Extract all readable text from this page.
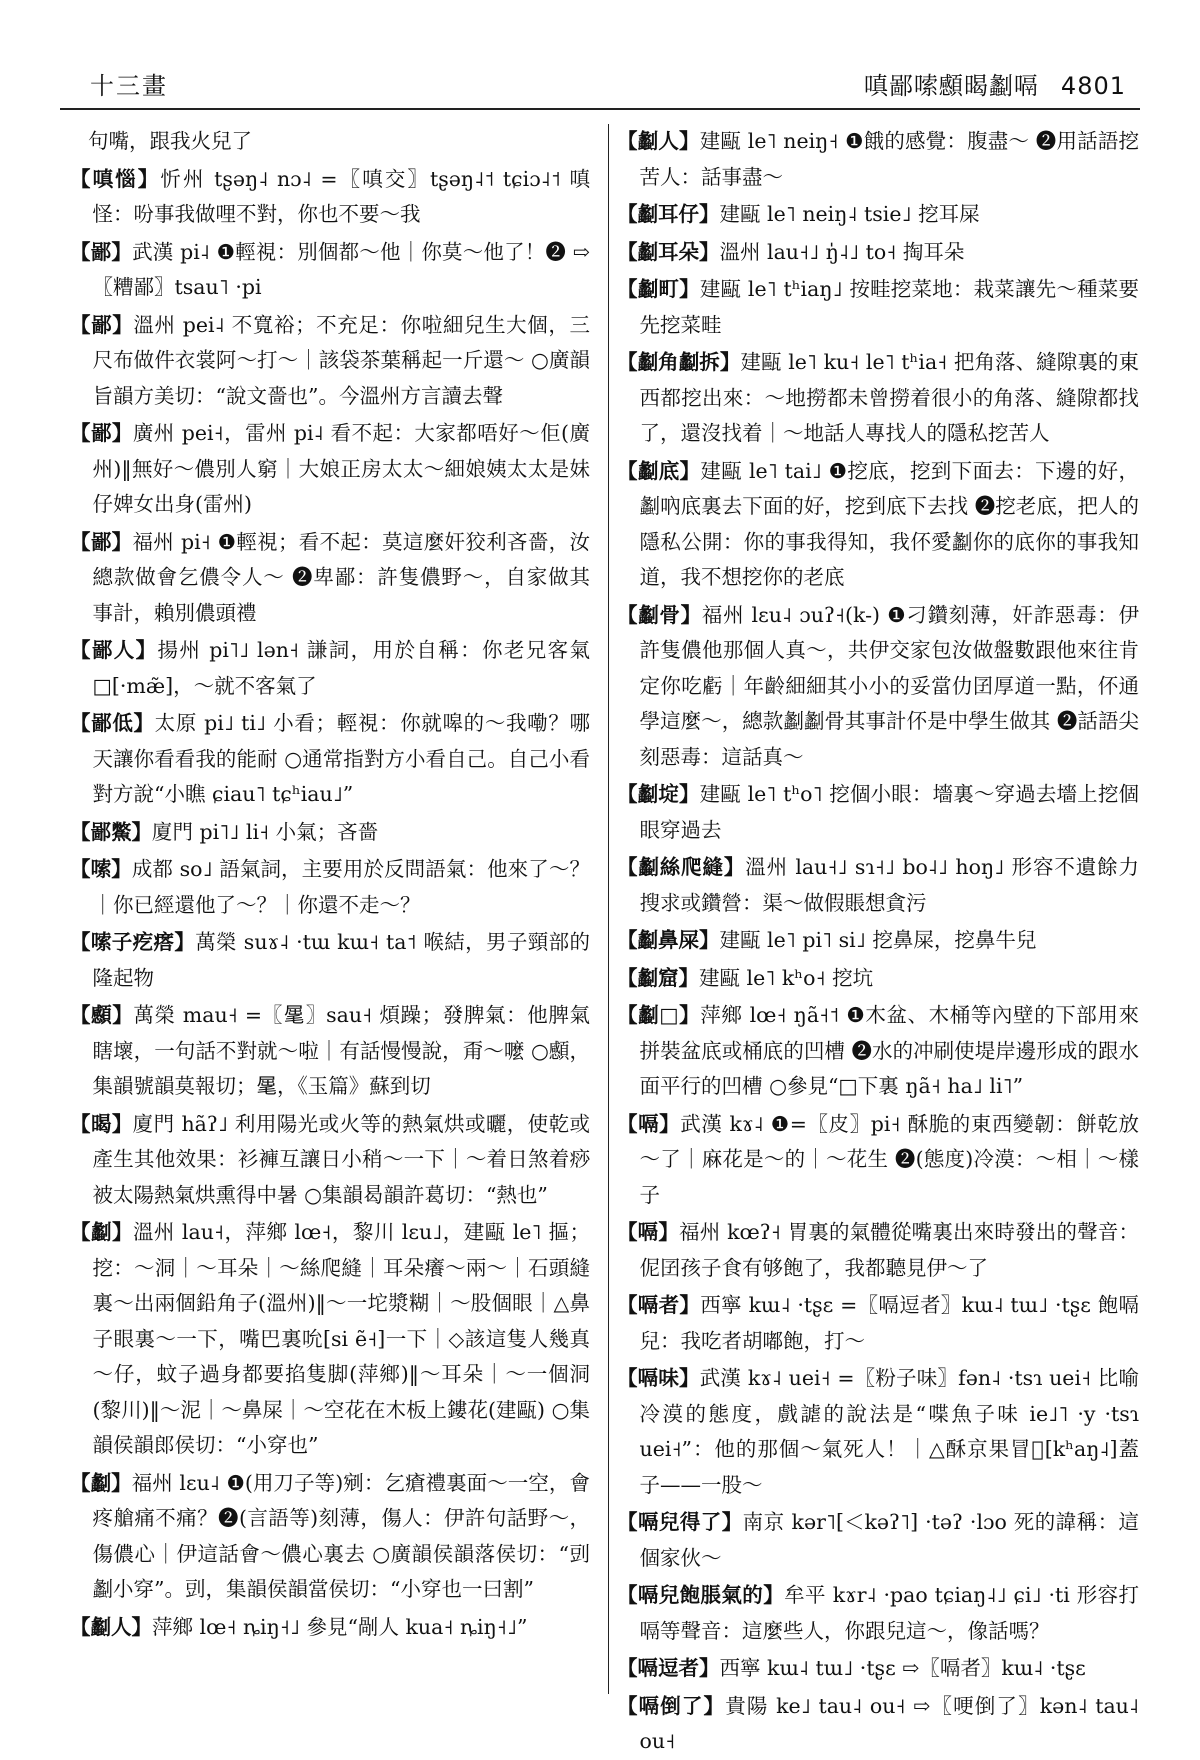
十三畫	嗔鄙嗦䫲暍劙嗝 4801

句嘴，跟我火兒了

【嗔惱】忻州 tʂəŋ˨ nɔ˨ =〖嗔交〗tʂəŋ˨˦ tɕiɔ˨˦ 嗔怪：吩事我做哩不對，你也不要～我

【鄙】武漢 pi˨ ❶輕視：別個都～他｜你莫～他了！❷ ⇨〖糟鄙〗tsau˥ ·pi

【鄙】溫州 pei˨ 不寬裕；不充足：你啦細兒生大個，三尺布做件衣裳阿～打～｜該袋茶葉稱起一斤還～ ○廣韻旨韻方美切：“說文嗇也”。今溫州方言讀去聲

【鄙】廣州 pei˧，雷州 pi˨ 看不起：大家都唔好～佢(廣州)‖無好～儂別人窮｜大娘正房太太～細娘姨太太是妹仔婢女出身(雷州)

【鄙】福州 pi˧ ❶輕視；看不起：莫這麼奸狡利吝嗇，汝總款做會乞儂令人～ ❷卑鄙：許隻儂野～，自家做其事計，賴別儂頭禮

【鄙人】揚州 pi˥˩ lən˧ 謙詞，用於自稱：你老兄客氣□[·mæ̃]，～就不客氣了

【鄙低】太原 pi˩ ti˩ 小看；輕視：你就嗥的～我嘞？哪天讓你看看我的能耐 ○通常指對方小看自己。自己小看對方說“小瞧 ɕiau˥ tɕʰiau˩”

【鄙鱉】廈門 pi˥˩ li˧ 小氣；吝嗇

【嗦】成都 so˩ 語氣詞，主要用於反問語氣：他來了～？｜你已經還他了～？｜你還不走～？

【嗦子疙瘩】萬榮 suɤ˨ ·tɯ kɯ˧ ta˦ 喉結，男子頸部的隆起物

【䫲】萬榮 mau˧ =〖𣮈〗sau˧ 煩躁；發脾氣：他脾氣瞎壞，一句話不對就～啦｜有話慢慢說，甭～嚒 ○䫲，集韻號韻莫報切；𣮈，《玉篇》蘇到切

【暍】廈門 hãʔ˩ 利用陽光或火等的熱氣烘或曬，使乾或產生其他效果：衫褲互讓日小稍～一下｜～着日煞着痧被太陽熱氣烘熏得中暑 ○集韻曷韻許葛切：“熱也”

【劙】溫州 lau˧，萍鄉 lœ˧，黎川 lɛu˩，建甌 le˥ 摳；挖：～洞｜～耳朵｜～絲爬縫｜耳朵癢～兩～｜石頭縫裏～出兩個鉛角子(溫州)‖～一坨漿糊｜～股個眼｜△鼻子眼裏～一下，嘴巴裏吮[si ẽ˧]一下｜◇該這隻人幾真～仔，蚊子過身都要掐隻脚(萍鄉)‖～耳朵｜～一個洞(黎川)‖～泥｜～鼻屎｜～空花在木板上鏤花(建甌) ○集韻侯韻郎侯切：“小穿也”

【劙】福州 lɛu˨ ❶(用刀子等)剜：乞瘡禮裏面～一空，會疼艙痛不痛？❷(言語等)刻薄，傷人：伊許句話野～，傷儂心｜伊這話會～儂心裏去 ○廣韻侯韻落侯切：“剅劙小穿”。剅，集韻侯韻當侯切：“小穿也一曰割”

【劙人】萍鄉 lœ˧ ȵiŋ˧˩ 參見“剮人 kua˧ ȵiŋ˧˩”

【劙人】建甌 le˥ neiŋ˧ ❶餓的感覺：腹盡～ ❷用話語挖苦人：話事盡～

【劙耳仔】建甌 le˥ neiŋ˨ tsie˩ 挖耳屎

【劙耳朵】溫州 lau˧˩ ŋ̍˨˩ to˧ 掏耳朵

【劙町】建甌 le˥ tʰiaŋ˩ 按畦挖菜地：栽菜讓先～種菜要先挖菜畦

【劙角劙拆】建甌 le˥ ku˧ le˥ tʰia˧ 把角落、縫隙裏的東西都挖出來：～地撈都未曾撈着很小的角落、縫隙都找了，還沒找着｜～地話人專找人的隱私挖苦人

【劙底】建甌 le˥ tai˩ ❶挖底，挖到下面去：下邊的好，劙吶底裏去下面的好，挖到底下去找 ❷挖老底，把人的隱私公開：你的事我得知，我伓愛劙你的底你的事我知道，我不想挖你的老底

【劙骨】福州 lɛu˨ ɔuʔ˧(k-) ❶刁鑽刻薄，奸詐惡毒：伊許隻儂他那個人真～，共伊交家包汝做盤數跟他來往肯定你吃虧｜年齡細細其小小的妥當仂囝厚道一點，伓通學這麼～，總款劙劙骨其事計伓是中學生做其 ❷話語尖刻惡毒：這話真～

【劙埞】建甌 le˥ tʰo˥ 挖個小眼：墻裏～穿過去墻上挖個眼穿過去

【劙絲爬縫】溫州 lau˧˩ sɿ˧˩ bo˨˩ hoŋ˩ 形容不遺餘力搜求或鑽營：渠～做假賬想貪污

【劙鼻屎】建甌 le˥ pi˥ si˩ 挖鼻屎，挖鼻牛兒

【劙窟】建甌 le˥ kʰo˧ 挖坑

【劙□】萍鄉 lœ˧ ŋã˧˦ ❶木盆、木桶等內壁的下部用來拼裝盆底或桶底的凹槽 ❷水的冲刷使堤岸邊形成的跟水面平行的凹槽 ○參見“□下裏 ŋã˧ ha˩ li˥”

【嗝】武漢 kɤ˨ ❶=〖皮〗pi˧ 酥脆的東西變韌：餅乾放～了｜麻花是～的｜～花生 ❷(態度)冷漠：～相｜～樣子

【嗝】福州 kœʔ˧ 胃裏的氣體從嘴裏出來時發出的聲音：伲囝孩子食有够飽了，我都聽見伊～了

【嗝者】西寧 kɯ˨ ·tʂɛ =〖嗝逗者〗kɯ˨ tɯ˩ ·tʂɛ 飽嗝兒：我吃者胡嘟飽，打～

【嗝味】武漢 kɤ˨ uei˧ =〖粉子味〗fən˨ ·tsɿ uei˧ 比喻冷漠的態度，戲謔的說法是“喋魚子味 ie˩˥ ·y ·tsɿ uei˧”：他的那個～氣死人！｜△酥京果冒𥽉[kʰaŋ˨]蓋子——一股～

【嗝兒得了】南京 kər˥[＜kəʔ˥] ·təʔ ·lɔo 死的諱稱：這個家伙～

【嗝兒飽脹氣的】牟平 kɤr˨ ·pao tɕiaŋ˨˩ ɕi˩ ·ti 形容打嗝等聲音：這麼些人，你跟兒這～，像話嗎？

【嗝逗者】西寧 kɯ˨ tɯ˩ ·tʂɛ ⇨〖嗝者〗kɯ˨ ·tʂɛ

【嗝倒了】貴陽 ke˩ tau˨ ou˧ ⇨〖哽倒了〗kən˨ tau˨ ou˧
